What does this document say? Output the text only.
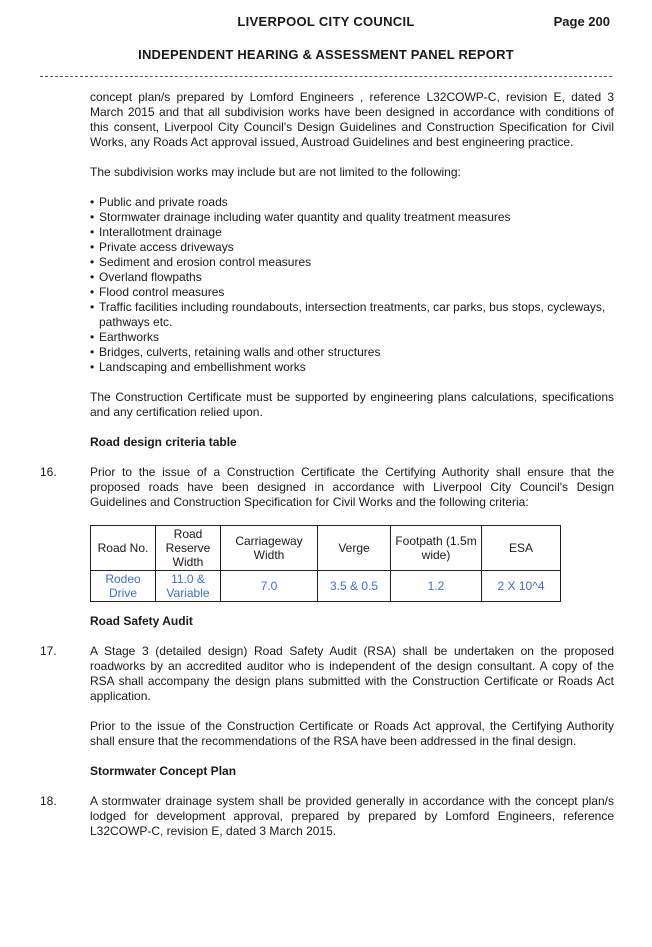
LIVERPOOL CITY COUNCIL	Page 200
INDEPENDENT HEARING & ASSESSMENT PANEL REPORT

concept plan/s prepared by Lomford Engineers , reference L32COWP-C, revision E, dated 3 March 2015 and that all subdivision works have been designed in accordance with conditions of this consent, Liverpool City Council's Design Guidelines and Construction Specification for Civil Works, any Roads Act approval issued, Austroad Guidelines and best engineering practice.

The subdivision works may include but are not limited to the following:

• Public and private roads
• Stormwater drainage including water quantity and quality treatment measures
• Interallotment drainage
• Private access driveways
• Sediment and erosion control measures
• Overland flowpaths
• Flood control measures
• Traffic facilities including roundabouts, intersection treatments, car parks, bus stops, cycleways, pathways etc.
• Earthworks
• Bridges, culverts, retaining walls and other structures
• Landscaping and embellishment works

The Construction Certificate must be supported by engineering plans calculations, specifications and any certification relied upon.

Road design criteria table

16.	Prior to the issue of a Construction Certificate the Certifying Authority shall ensure that the proposed roads have been designed in accordance with Liverpool City Council's Design Guidelines and Construction Specification for Civil Works and the following criteria:
Road No.	Road Reserve Width	Carriageway Width	Verge	Footpath (1.5m wide)	ESA
Rodeo Drive	11.0 & Variable	7.0	3.5 & 0.5	1.2	2 X 10^4

Road Safety Audit

17.	A Stage 3 (detailed design) Road Safety Audit (RSA) shall be undertaken on the proposed roadworks by an accredited auditor who is independent of the design consultant. A copy of the RSA shall accompany the design plans submitted with the Construction Certificate or Roads Act application.

Prior to the issue of the Construction Certificate or Roads Act approval, the Certifying Authority shall ensure that the recommendations of the RSA have been addressed in the final design.

Stormwater Concept Plan

18.	A stormwater drainage system shall be provided generally in accordance with the concept plan/s lodged for development approval, prepared by prepared by Lomford Engineers, reference L32COWP-C, revision E, dated 3 March 2015.
